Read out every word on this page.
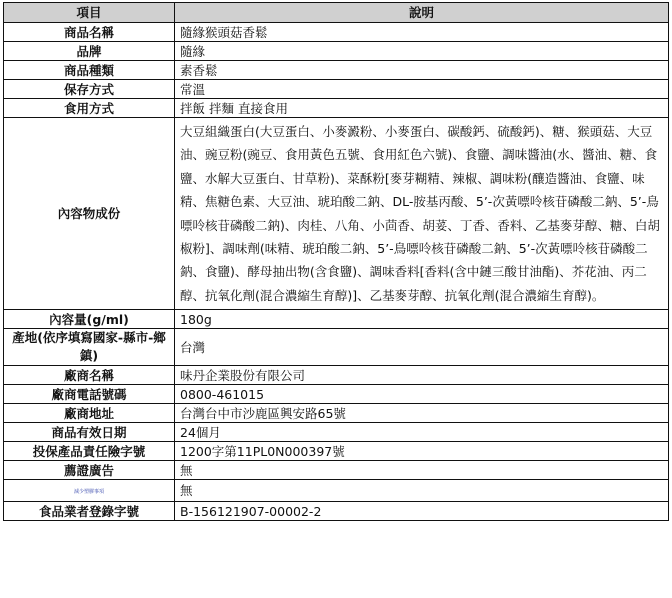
項目	說明
商品名稱	隨緣猴頭菇香鬆
品牌	隨緣
商品種類	素香鬆
保存方式	常溫
食用方式	拌飯 拌麵 直接食用
內容物成份	大豆組織蛋白(大豆蛋白、小麥澱粉、小麥蛋白、碳酸鈣、硫酸鈣)、糖、猴頭菇、大豆油、豌豆粉(豌豆、食用黃色五號、食用紅色六號)、食鹽、調味醬油(水、醬油、糖、食鹽、水解大豆蛋白、甘草粉)、菜酥粉[麥芽糊精、辣椒、調味粉(釀造醬油、食鹽、味精、焦糖色素、大豆油、琥珀酸二鈉、DL-胺基丙酸、5’-次黃嘌呤核苷磷酸二鈉、5’-鳥嘌呤核苷磷酸二鈉)、肉桂、八角、小茴香、胡荽、丁香、香料、乙基麥芽醇、糖、白胡椒粉]、調味劑(味精、琥珀酸二鈉、5’-鳥嘌呤核苷磷酸二鈉、5’-次黃嘌呤核苷磷酸二鈉、食鹽)、酵母抽出物(含食鹽)、調味香料[香料(含中鏈三酸甘油酯)、芥花油、丙二醇、抗氧化劑(混合濃縮生育醇)]、乙基麥芽醇、抗氧化劑(混合濃縮生育醇)。
內容量(g/ml)	180g
產地(依序填寫國家-縣市-鄉鎮)	台灣
廠商名稱	味丹企業股份有限公司
廠商電話號碼	0800-461015
廠商地址	台灣台中市沙鹿區興安路65號
商品有效日期	24個月
投保產品責任險字號	1200字第11PL0N000397號
薦證廣告	無
減少塑膠事項	無
食品業者登錄字號	B-156121907-00002-2
